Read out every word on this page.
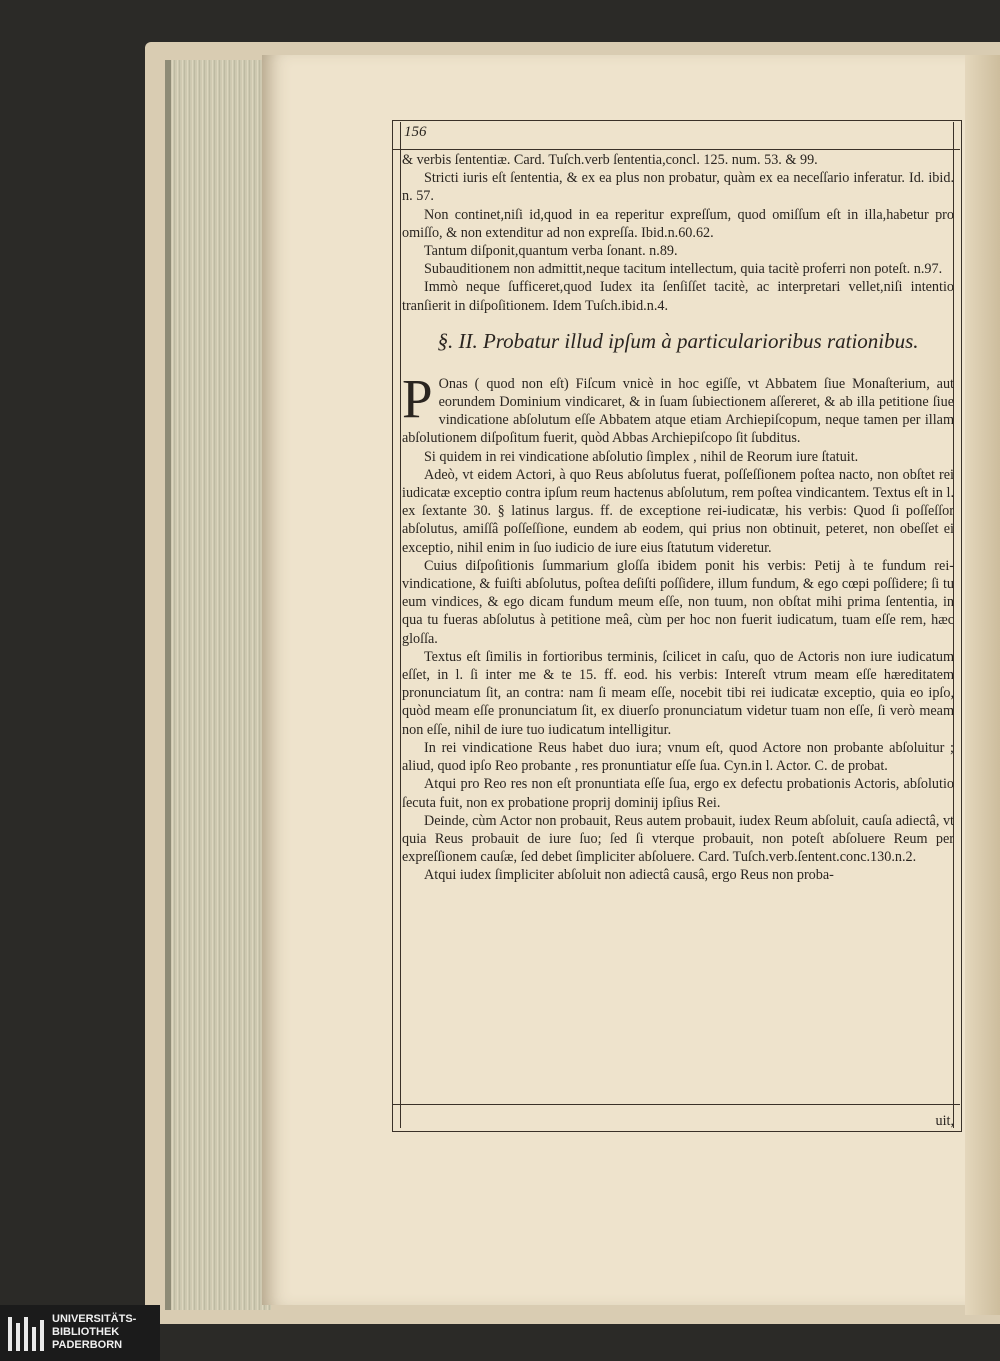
156

& verbis ſententiæ. Card. Tuſch.verb ſententia,concl. 125. num. 53. & 99.

Stricti iuris eſt ſententia, & ex ea plus non probatur, quàm ex ea neceſſario inferatur. Id. ibid. n. 57.

Non continet,niſi id,quod in ea reperitur expreſſum, quod omiſſum eſt in illa,habetur pro omiſſo, & non extenditur ad non expreſſa. Ibid.n.60.62.

Tantum diſponit,quantum verba ſonant. n.89.

Subauditionem non admittit,neque tacitum intellectum, quia tacitè proferri non poteſt. n.97.

Immò neque ſufficeret,quod Iudex ita ſenſiſſet tacitè, ac interpretari vellet,niſi intentio tranſierit in diſpoſitionem. Idem Tuſch.ibid.n.4.

§. II. Probatur illud ipſum à particularioribus rationibus.

P Onas ( quod non eſt) Fiſcum vnicè in hoc egiſſe, vt Abbatem ſiue Monaſterium, aut eorundem Dominium vindicaret, & in ſuam ſubiectionem aſſereret, & ab illa petitione ſiue vindicatione abſolutum eſſe Abbatem atque etiam Archiepiſcopum, neque tamen per illam abſolutionem diſpoſitum fuerit, quòd Abbas Archiepiſcopo ſit ſubditus.

Si quidem in rei vindicatione abſolutio ſimplex , nihil de Reorum iure ſtatuit.

Adeò, vt eidem Actori, à quo Reus abſolutus fuerat, poſſeſſionem poſtea nacto, non obſtet rei iudicatæ exceptio contra ipſum reum hactenus abſolutum, rem poſtea vindicantem. Textus eſt in l. ex ſextante 30. § latinus largus. ff. de exceptione rei-iudicatæ, his verbis: Quod ſi poſſeſſor abſolutus, amiſſâ poſſeſſione, eundem ab eodem, qui prius non obtinuit, peteret, non obeſſet ei exceptio, nihil enim in ſuo iudicio de iure eius ſtatutum videretur.

Cuius diſpoſitionis ſummarium gloſſa ibidem ponit his verbis: Petij à te fundum rei-vindicatione, & fuiſti abſolutus, poſtea deſiſti poſſidere, illum fundum, & ego cœpi poſſidere; ſi tu eum vindices, & ego dicam fundum meum eſſe, non tuum, non obſtat mihi prima ſententia, in qua tu fueras abſolutus à petitione meâ, cùm per hoc non fuerit iudicatum, tuam eſſe rem, hæc gloſſa.

Textus eſt ſimilis in fortioribus terminis, ſcilicet in caſu, quo de Actoris non iure iudicatum eſſet, in l. ſi inter me & te 15. ff. eod. his verbis: Intereſt vtrum meam eſſe hæreditatem pronunciatum ſit, an contra: nam ſi meam eſſe, nocebit tibi rei iudicatæ exceptio, quia eo ipſo, quòd meam eſſe pronunciatum ſit, ex diuerſo pronunciatum videtur tuam non eſſe, ſi verò meam non eſſe, nihil de iure tuo iudicatum intelligitur.

In rei vindicatione Reus habet duo iura; vnum eſt, quod Actore non probante abſoluitur ; aliud, quod ipſo Reo probante , res pronuntiatur eſſe ſua. Cyn.in l. Actor. C. de probat.

Atqui pro Reo res non eſt pronuntiata eſſe ſua, ergo ex defectu probationis Actoris, abſolutio ſecuta fuit, non ex probatione proprij dominij ipſius Rei.

Deinde, cùm Actor non probauit, Reus autem probauit, iudex Reum abſoluit, cauſa adiectâ, vt quia Reus probauit de iure ſuo; ſed ſi vterque probauit, non poteſt abſoluere Reum per expreſſionem cauſæ, ſed debet ſimpliciter abſoluere. Card. Tuſch.verb.ſentent.conc.130.n.2.

Atqui iudex ſimpliciter abſoluit non adiectâ causâ, ergo Reus non proba-

uit,

UNIVERSITÄTS-
BIBLIOTHEK
PADERBORN
